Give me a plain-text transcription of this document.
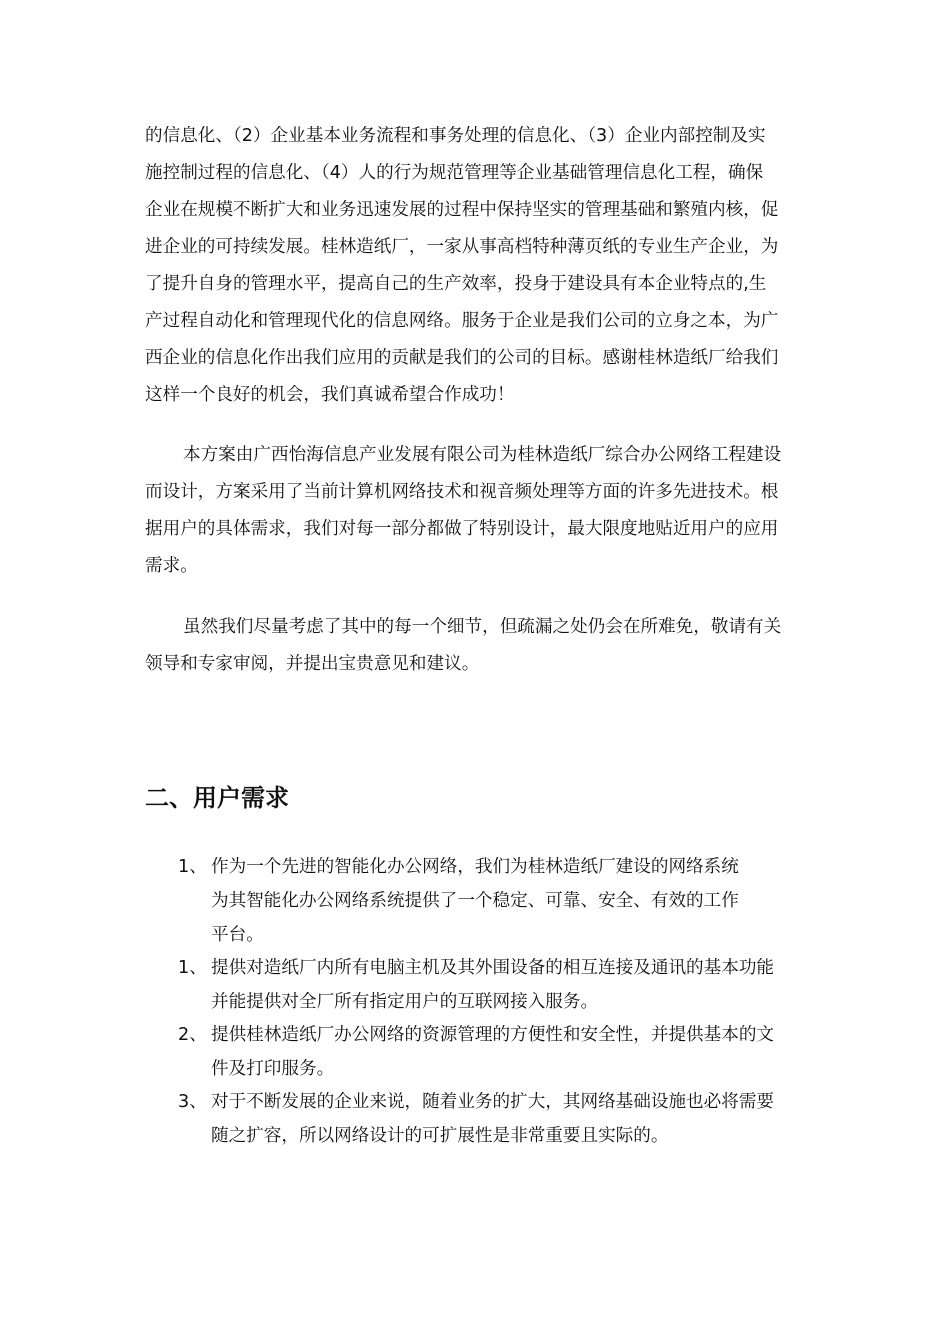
的信息化、（2）企业基本业务流程和事务处理的信息化、（3）企业内部控制及实
施控制过程的信息化、（4）人的行为规范管理等企业基础管理信息化工程，确保
企业在规模不断扩大和业务迅速发展的过程中保持坚实的管理基础和繁殖内核，促
进企业的可持续发展。桂林造纸厂，一家从事高档特种薄页纸的专业生产企业，为
了提升自身的管理水平，提高自己的生产效率，投身于建设具有本企业特点的,生
产过程自动化和管理现代化的信息网络。服务于企业是我们公司的立身之本，为广
西企业的信息化作出我们应用的贡献是我们的公司的目标。感谢桂林造纸厂给我们
这样一个良好的机会，我们真诚希望合作成功！
本方案由广西怡海信息产业发展有限公司为桂林造纸厂综合办公网络工程建设
而设计，方案采用了当前计算机网络技术和视音频处理等方面的许多先进技术。根
据用户的具体需求，我们对每一部分都做了特别设计，最大限度地贴近用户的应用
需求。
虽然我们尽量考虑了其中的每一个细节，但疏漏之处仍会在所难免，敬请有关
领导和专家审阅，并提出宝贵意见和建议。
二、用户需求
1、 作为一个先进的智能化办公网络，我们为桂林造纸厂建设的网络系统
为其智能化办公网络系统提供了一个稳定、可靠、安全、有效的工作
平台。
1、 提供对造纸厂内所有电脑主机及其外围设备的相互连接及通讯的基本功能
并能提供对全厂所有指定用户的互联网接入服务。
2、 提供桂林造纸厂办公网络的资源管理的方便性和安全性，并提供基本的文
件及打印服务。
3、 对于不断发展的企业来说，随着业务的扩大，其网络基础设施也必将需要
随之扩容，所以网络设计的可扩展性是非常重要且实际的。
